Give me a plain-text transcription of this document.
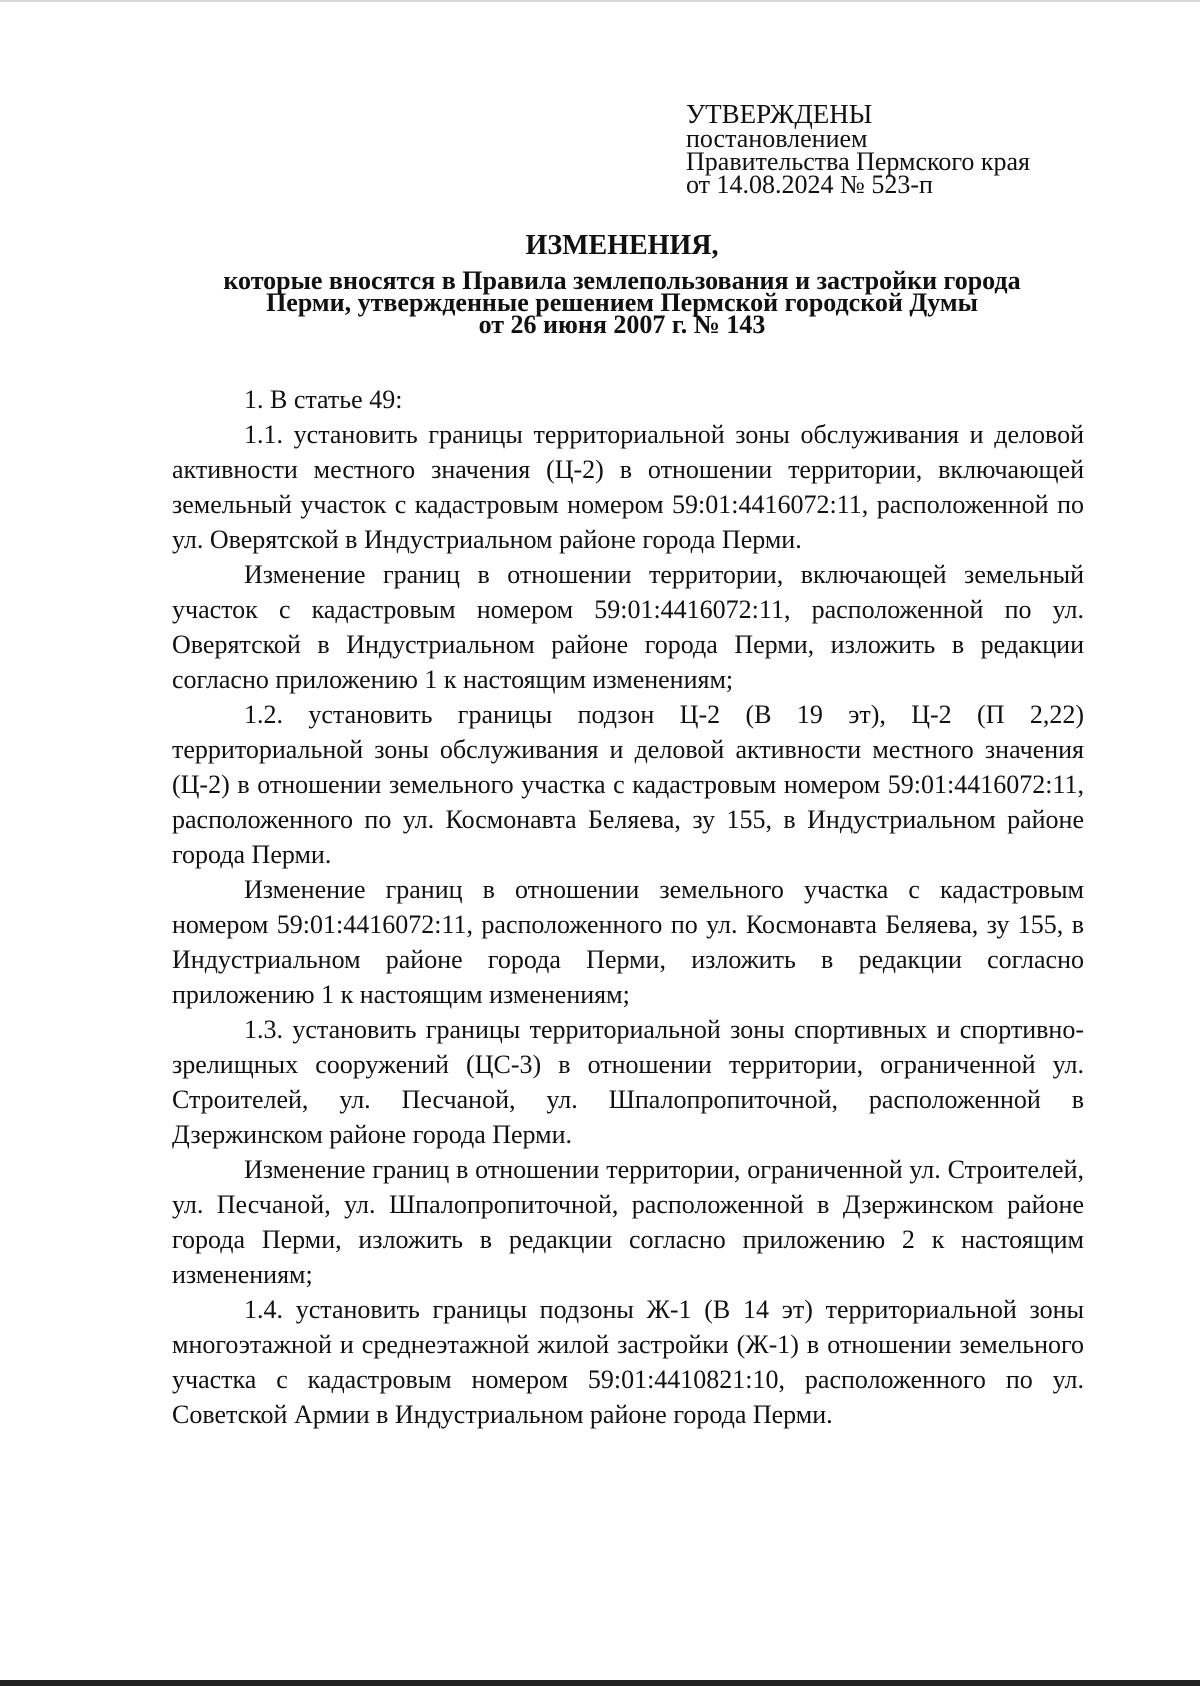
УТВЕРЖДЕНЫ
постановлением
Правительства Пермского края
от 14.08.2024 № 523-п
ИЗМЕНЕНИЯ,
которые вносятся в Правила землепользования и застройки города
Перми, утвержденные решением Пермской городской Думы
от 26 июня 2007 г. № 143

1. В статье 49:

1.1. установить границы территориальной зоны обслуживания и деловой активности местного значения (Ц-2) в отношении территории, включающей земельный участок с кадастровым номером 59:01:4416072:11, расположенной по ул. Оверятской в Индустриальном районе города Перми.

Изменение границ в отношении территории, включающей земельный участок с кадастровым номером 59:01:4416072:11, расположенной по ул. Оверятской в Индустриальном районе города Перми, изложить в редакции согласно приложению 1 к настоящим изменениям;

1.2. установить границы подзон Ц-2 (В 19 эт), Ц-2 (П 2,22) территориальной зоны обслуживания и деловой активности местного значения (Ц-2) в отношении земельного участка с кадастровым номером 59:01:4416072:11, расположенного по ул. Космонавта Беляева, зу 155, в Индустриальном районе города Перми.

Изменение границ в отношении земельного участка с кадастровым номером 59:01:4416072:11, расположенного по ул. Космонавта Беляева, зу 155, в Индустриальном районе города Перми, изложить в редакции согласно приложению 1 к настоящим изменениям;

1.3. установить границы территориальной зоны спортивных и спортивно-зрелищных сооружений (ЦС-3) в отношении территории, ограниченной ул. Строителей, ул. Песчаной, ул. Шпалопропиточной, расположенной в Дзержинском районе города Перми.

Изменение границ в отношении территории, ограниченной ул. Строителей, ул. Песчаной, ул. Шпалопропиточной, расположенной в Дзержинском районе города Перми, изложить в редакции согласно приложению 2 к настоящим изменениям;

1.4. установить границы подзоны Ж-1 (В 14 эт) территориальной зоны многоэтажной и среднеэтажной жилой застройки (Ж-1) в отношении земельного участка с кадастровым номером 59:01:4410821:10, расположенного по ул. Советской Армии в Индустриальном районе города Перми.
